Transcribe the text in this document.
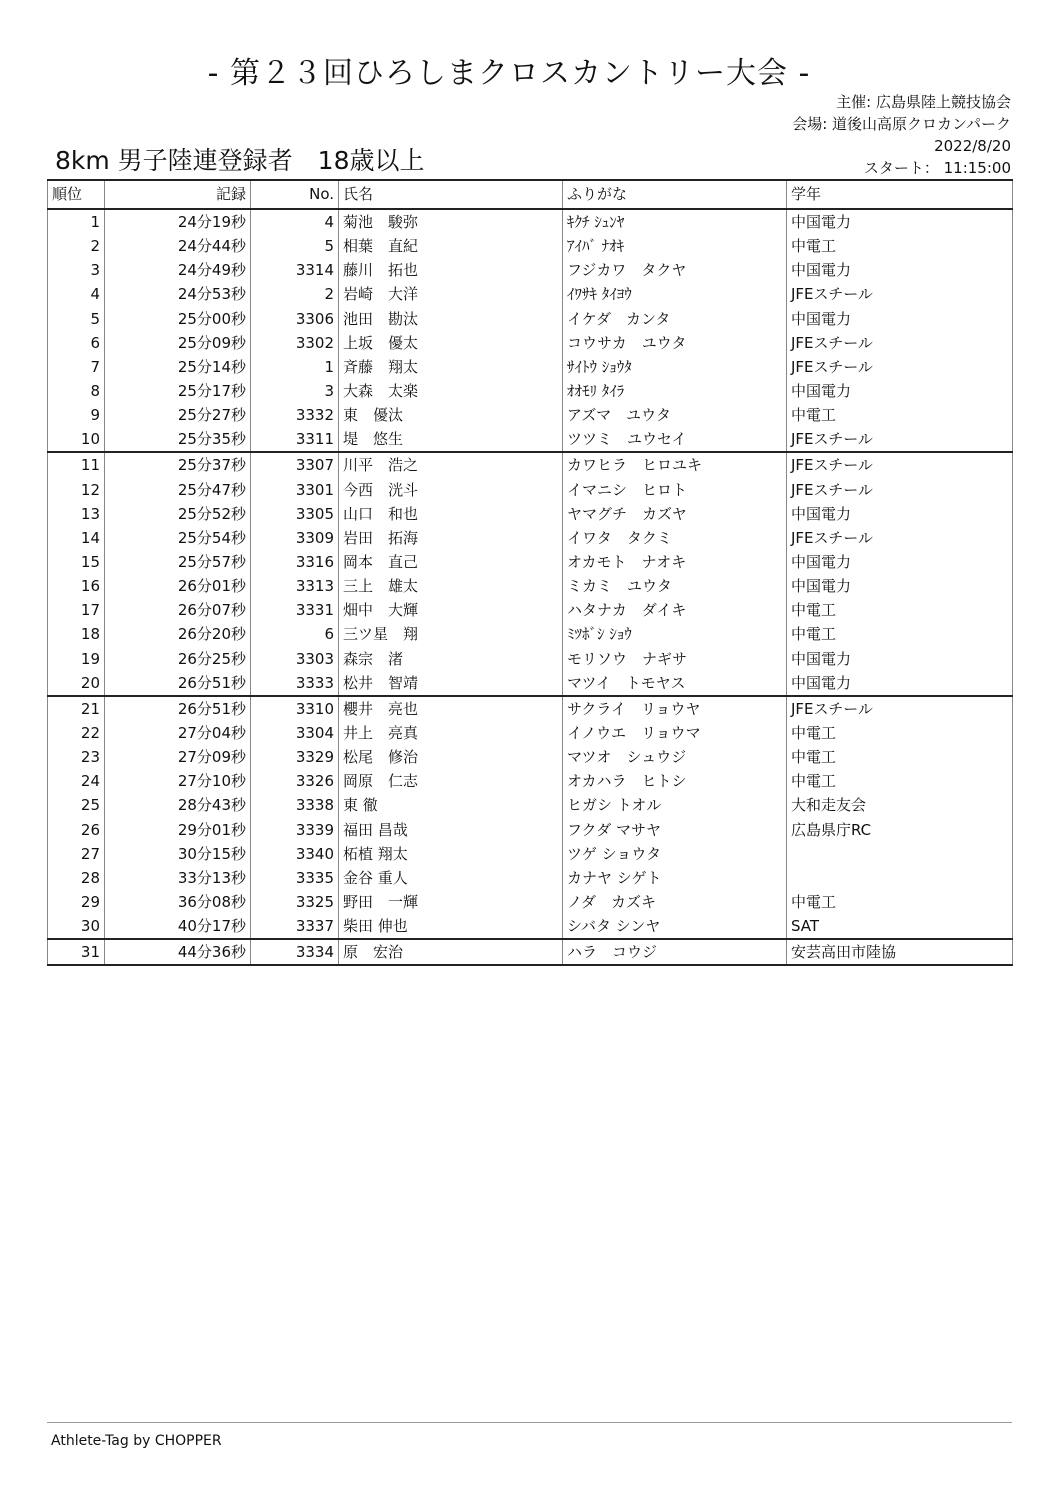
- 第２３回ひろしまクロスカントリー大会 -
主催: 広島県陸上競技協会
会場: 道後山高原クロカンパーク
2022/8/20
スタート： 11:15:00
8km 男子陸連登録者　18歳以上
順位	記録	No.	氏名	ふりがな	学年
1	24分19秒	4	菊池　駿弥	ｷｸﾁ ｼｭﾝﾔ	中国電力
2	24分44秒	5	相葉　直紀	ｱｲﾊﾞ ﾅｵｷ	中電工
3	24分49秒	3314	藤川　拓也	フジカワ　タクヤ	中国電力
4	24分53秒	2	岩崎　大洋	ｲﾜｻｷ ﾀｲﾖｳ	JFEスチール
5	25分00秒	3306	池田　勘汰	イケダ　カンタ	中国電力
6	25分09秒	3302	上坂　優太	コウサカ　ユウタ	JFEスチール
7	25分14秒	1	斉藤　翔太	ｻｲﾄｳ ｼｮｳﾀ	JFEスチール
8	25分17秒	3	大森　太楽	ｵｵﾓﾘ ﾀｲﾗ	中国電力
9	25分27秒	3332	東　優汰	アズマ　ユウタ	中電工
10	25分35秒	3311	堤　悠生	ツツミ　ユウセイ	JFEスチール
11	25分37秒	3307	川平　浩之	カワヒラ　ヒロユキ	JFEスチール
12	25分47秒	3301	今西　洸斗	イマニシ　ヒロト	JFEスチール
13	25分52秒	3305	山口　和也	ヤマグチ　カズヤ	中国電力
14	25分54秒	3309	岩田　拓海	イワタ　タクミ	JFEスチール
15	25分57秒	3316	岡本　直己	オカモト　ナオキ	中国電力
16	26分01秒	3313	三上　雄太	ミカミ　ユウタ	中国電力
17	26分07秒	3331	畑中　大輝	ハタナカ　ダイキ	中電工
18	26分20秒	6	三ツ星　翔	ﾐﾂﾎﾞｼ ｼｮｳ	中電工
19	26分25秒	3303	森宗　渚	モリソウ　ナギサ	中国電力
20	26分51秒	3333	松井　智靖	マツイ　トモヤス	中国電力
21	26分51秒	3310	櫻井　亮也	サクライ　リョウヤ	JFEスチール
22	27分04秒	3304	井上　亮真	イノウエ　リョウマ	中電工
23	27分09秒	3329	松尾　修治	マツオ　シュウジ	中電工
24	27分10秒	3326	岡原　仁志	オカハラ　ヒトシ	中電工
25	28分43秒	3338	東 徹	ヒガシ トオル	大和走友会
26	29分01秒	3339	福田 昌哉	フクダ マサヤ	広島県庁RC
27	30分15秒	3340	柘植 翔太	ツゲ ショウタ	
28	33分13秒	3335	金谷 重人	カナヤ シゲト	
29	36分08秒	3325	野田　一輝	ノダ　カズキ	中電工
30	40分17秒	3337	柴田 伸也	シバタ シンヤ	SAT
31	44分36秒	3334	原　宏治	ハラ　コウジ	安芸高田市陸協
Athlete-Tag by CHOPPER
